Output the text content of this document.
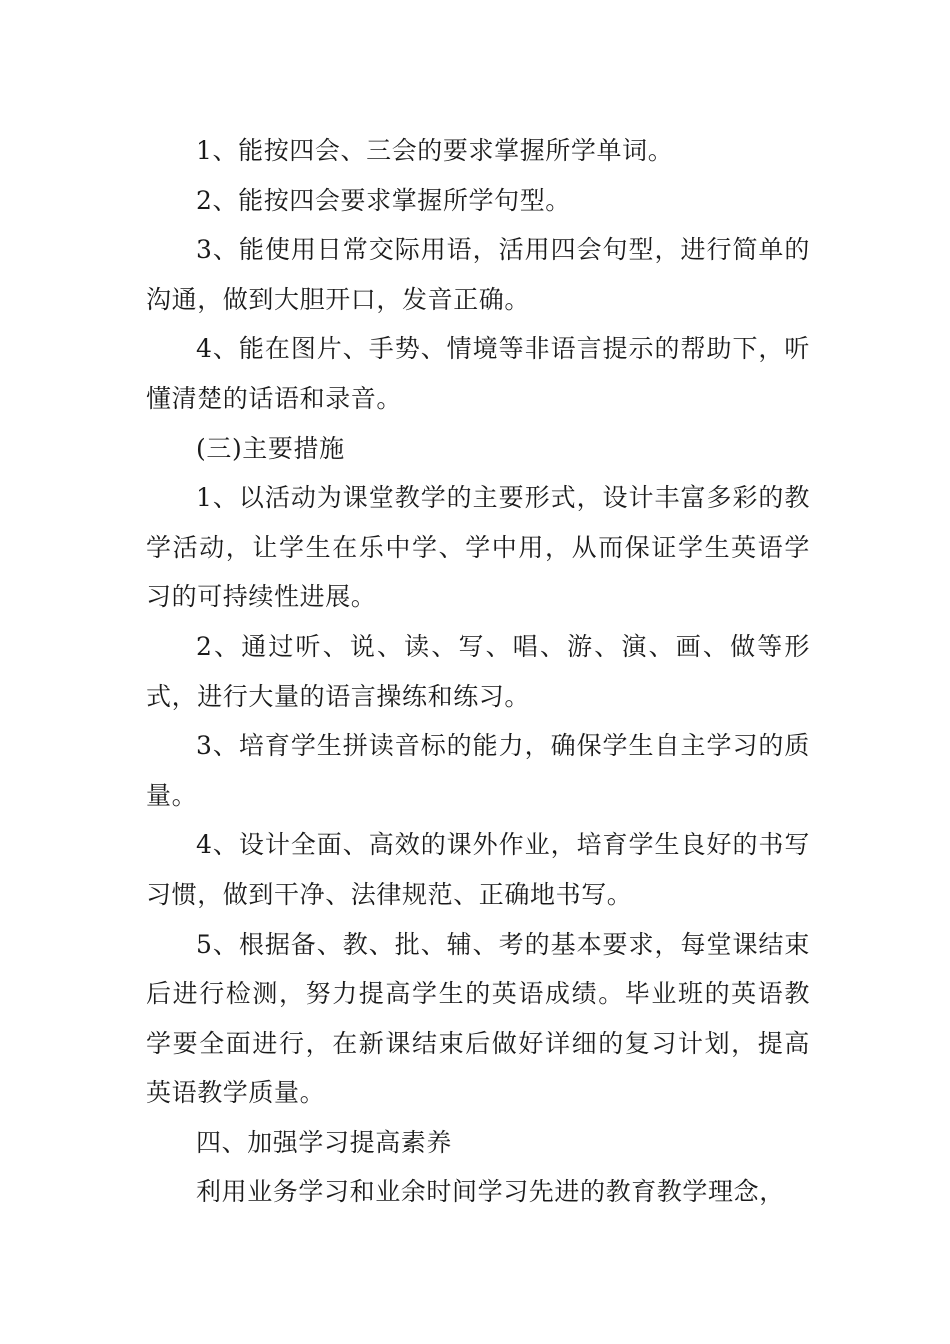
1、能按四会、三会的要求掌握所学单词。

2、能按四会要求掌握所学句型。

3、能使用日常交际用语，活用四会句型，进行简单的沟通，做到大胆开口，发音正确。

4、能在图片、手势、情境等非语言提示的帮助下，听懂清楚的话语和录音。

(三)主要措施

1、以活动为课堂教学的主要形式，设计丰富多彩的教学活动，让学生在乐中学、学中用，从而保证学生英语学习的可持续性进展。

2、通过听、说、读、写、唱、游、演、画、做等形式，进行大量的语言操练和练习。

3、培育学生拼读音标的能力，确保学生自主学习的质量。

4、设计全面、高效的课外作业，培育学生良好的书写习惯，做到干净、法律规范、正确地书写。

5、根据备、教、批、辅、考的基本要求，每堂课结束后进行检测，努力提高学生的英语成绩。毕业班的英语教学要全面进行，在新课结束后做好详细的复习计划，提高英语教学质量。

四、加强学习提高素养

利用业务学习和业余时间学习先进的教育教学理念，
